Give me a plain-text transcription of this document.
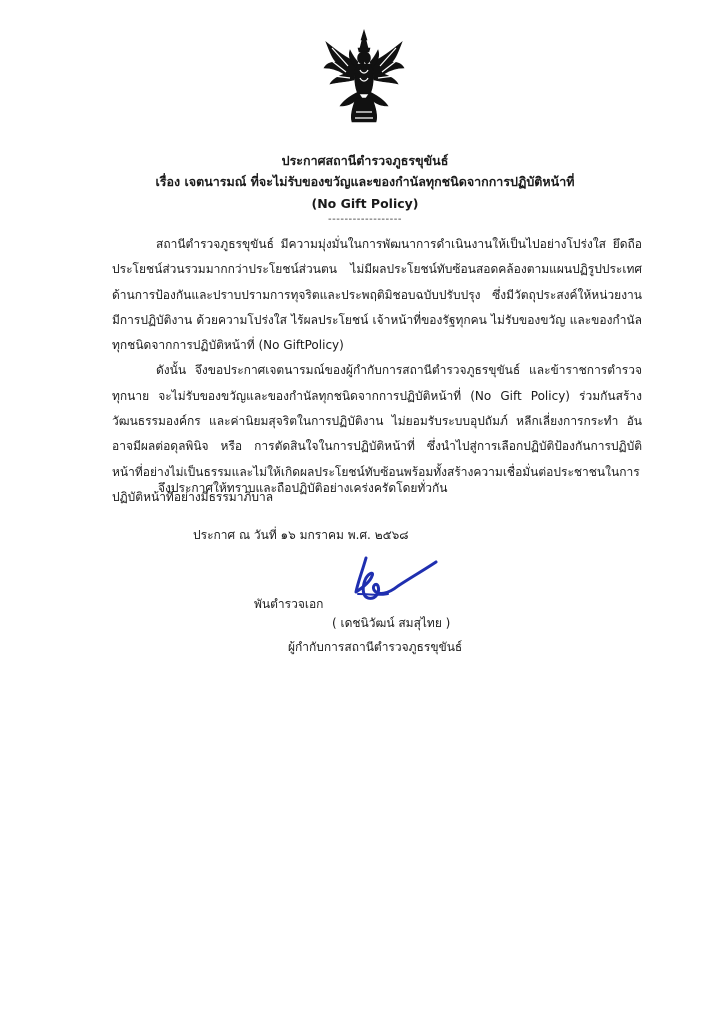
ประกาศสถานีตำรวจภูธรขุขันธ์
เรื่อง เจตนารมณ์ ที่จะไม่รับของขวัญและของกำนัลทุกชนิดจากการปฏิบัติหน้าที่
(No Gift Policy)
------------------

สถานีตำรวจภูธรขุขันธ์ มีความมุ่งมั่นในการพัฒนาการดำเนินงานให้เป็นไปอย่างโปร่งใส ยึดถือประโยชน์ส่วนรวมมากกว่าประโยชน์ส่วนตน ไม่มีผลประโยชน์ทับซ้อนสอดคล้องตามแผนปฏิรูปประเทศด้านการป้องกันและปราบปรามการทุจริตและประพฤติมิชอบฉบับปรับปรุง ซึ่งมีวัตถุประสงค์ให้หน่วยงานมีการปฏิบัติงาน ด้วยความโปร่งใส ไร้ผลประโยชน์ เจ้าหน้าที่ของรัฐทุกคน ไม่รับของขวัญ และของกำนัลทุกชนิดจากการปฏิบัติหน้าที่ (No GiftPolicy)

ดังนั้น จึงขอประกาศเจตนารมณ์ของผู้กำกับการสถานีตำรวจภูธรขุขันธ์ และข้าราชการตำรวจทุกนาย จะไม่รับของขวัญและของกำนัลทุกชนิดจากการปฏิบัติหน้าที่ (No Gift Policy) ร่วมกันสร้างวัฒนธรรมองค์กร และค่านิยมสุจริตในการปฏิบัติงาน ไม่ยอมรับระบบอุปถัมภ์ หลีกเลี่ยงการกระทำ อันอาจมีผลต่อดุลพินิจ หรือ การตัดสินใจในการปฏิบัติหน้าที่ ซึ่งนำไปสู่การเลือกปฏิบัติป้องกันการปฏิบัติหน้าที่อย่างไม่เป็นธรรมและไม่ให้เกิดผลประโยชน์ทับซ้อนพร้อมทั้งสร้างความเชื่อมั่นต่อประชาชนในการปฏิบัติหน้าที่อย่างมีธรรมาภิบาล

จึงประกาศให้ทราบและถือปฏิบัติอย่างเคร่งครัดโดยทั่วกัน
ประกาศ ณ วันที่ ๑๖ มกราคม พ.ศ. ๒๕๖๘
พันตำรวจเอก
( เดชนิวัฒน์ สมสุไทย )
ผู้กำกับการสถานีตำรวจภูธรขุขันธ์
